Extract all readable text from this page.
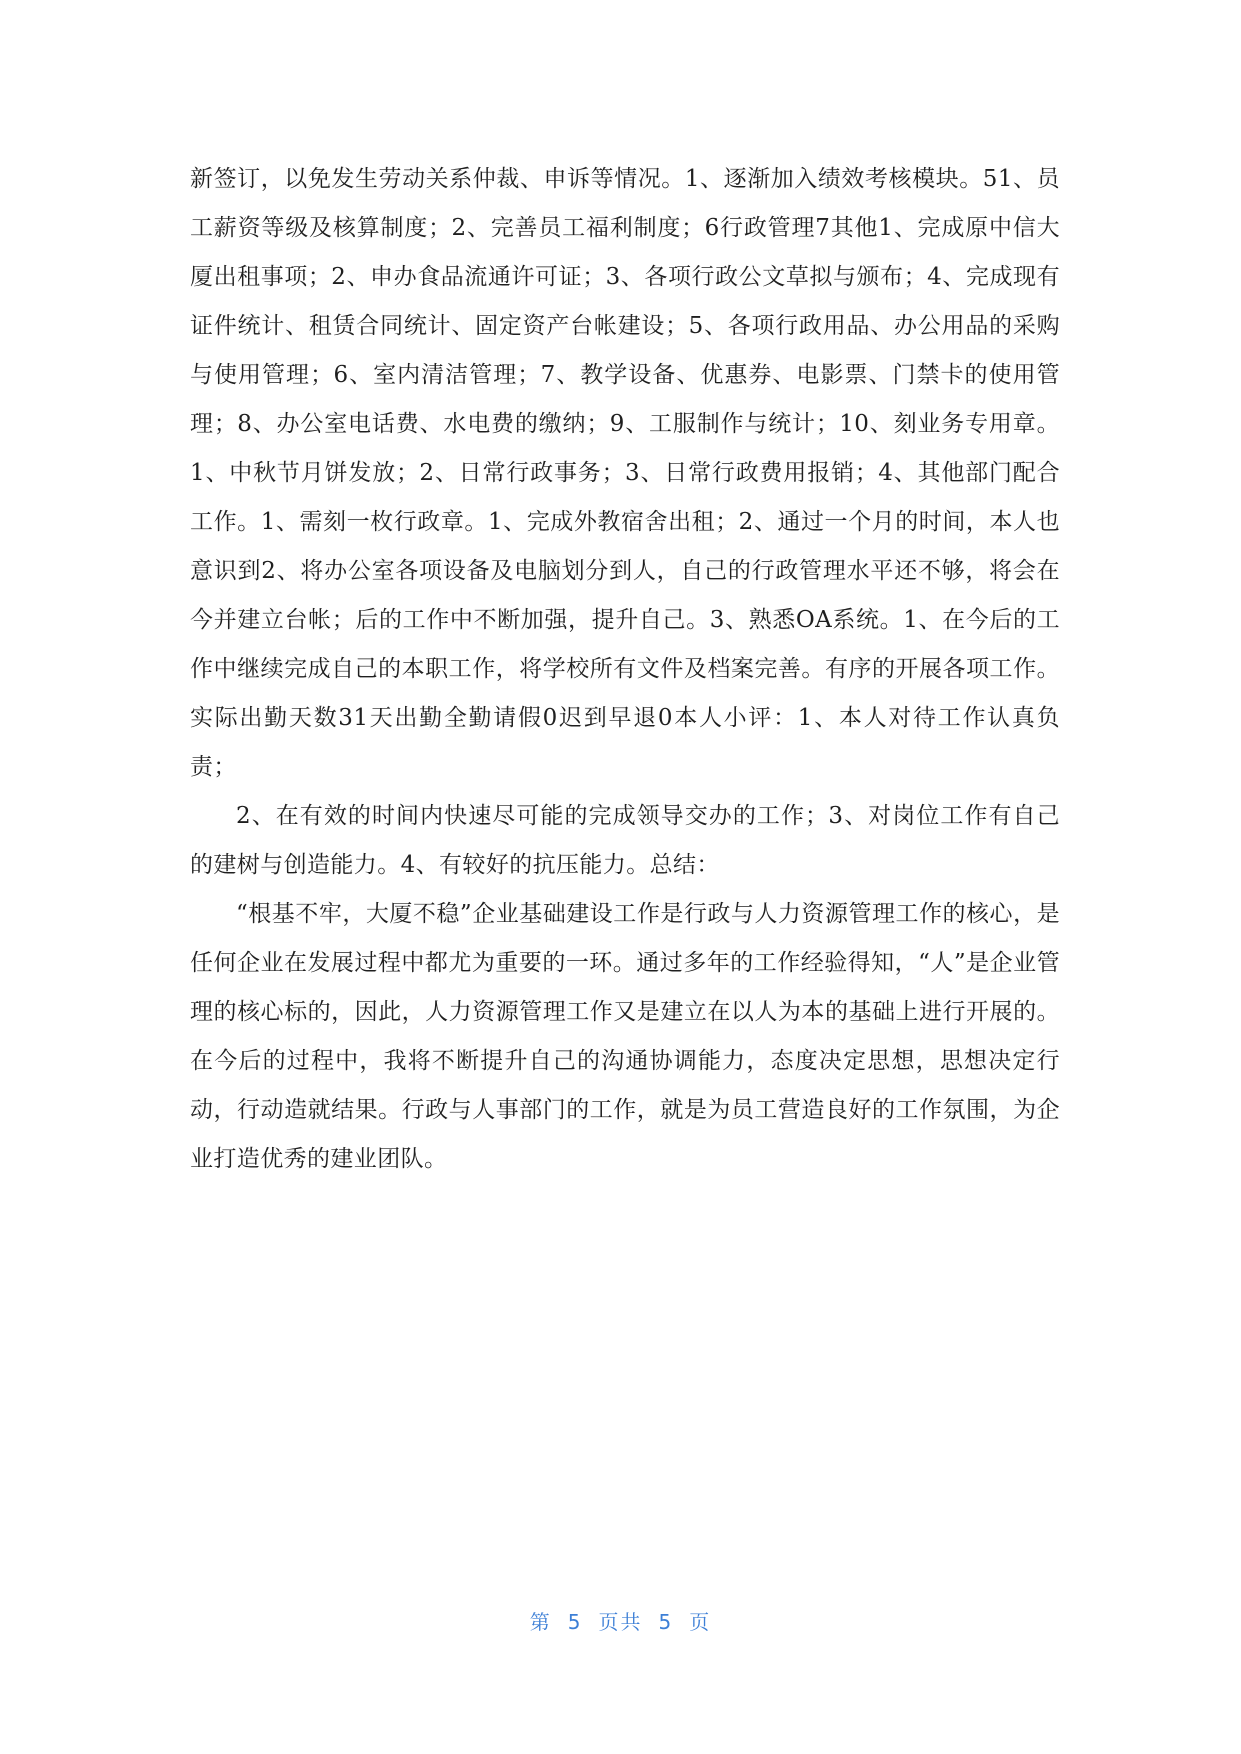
新签订，以免发生劳动关系仲裁、申诉等情况。1、逐渐加入绩效考核模块。51、员工薪资等级及核算制度；2、完善员工福利制度；6行政管理7其他1、完成原中信大厦出租事项；2、申办食品流通许可证；3、各项行政公文草拟与颁布；4、完成现有证件统计、租赁合同统计、固定资产台帐建设；5、各项行政用品、办公用品的采购与使用管理；6、室内清洁管理；7、教学设备、优惠券、电影票、门禁卡的使用管理；8、办公室电话费、水电费的缴纳；9、工服制作与统计；10、刻业务专用章。1、中秋节月饼发放；2、日常行政事务；3、日常行政费用报销；4、其他部门配合工作。1、需刻一枚行政章。1、完成外教宿舍出租；2、通过一个月的时间，本人也意识到2、将办公室各项设备及电脑划分到人，自己的行政管理水平还不够，将会在今并建立台帐；后的工作中不断加强，提升自己。3、熟悉OA系统。1、在今后的工作中继续完成自己的本职工作，将学校所有文件及档案完善。有序的开展各项工作。实际出勤天数31天出勤全勤请假0迟到早退0本人小评：1、本人对待工作认真负责；

2、在有效的时间内快速尽可能的完成领导交办的工作；3、对岗位工作有自己的建树与创造能力。4、有较好的抗压能力。总结：

“根基不牢，大厦不稳”企业基础建设工作是行政与人力资源管理工作的核心，是任何企业在发展过程中都尤为重要的一环。通过多年的工作经验得知，“人”是企业管理的核心标的，因此，人力资源管理工作又是建立在以人为本的基础上进行开展的。在今后的过程中，我将不断提升自己的沟通协调能力，态度决定思想，思想决定行动，行动造就结果。行政与人事部门的工作，就是为员工营造良好的工作氛围，为企业打造优秀的建业团队。

第 5 页共 5 页
